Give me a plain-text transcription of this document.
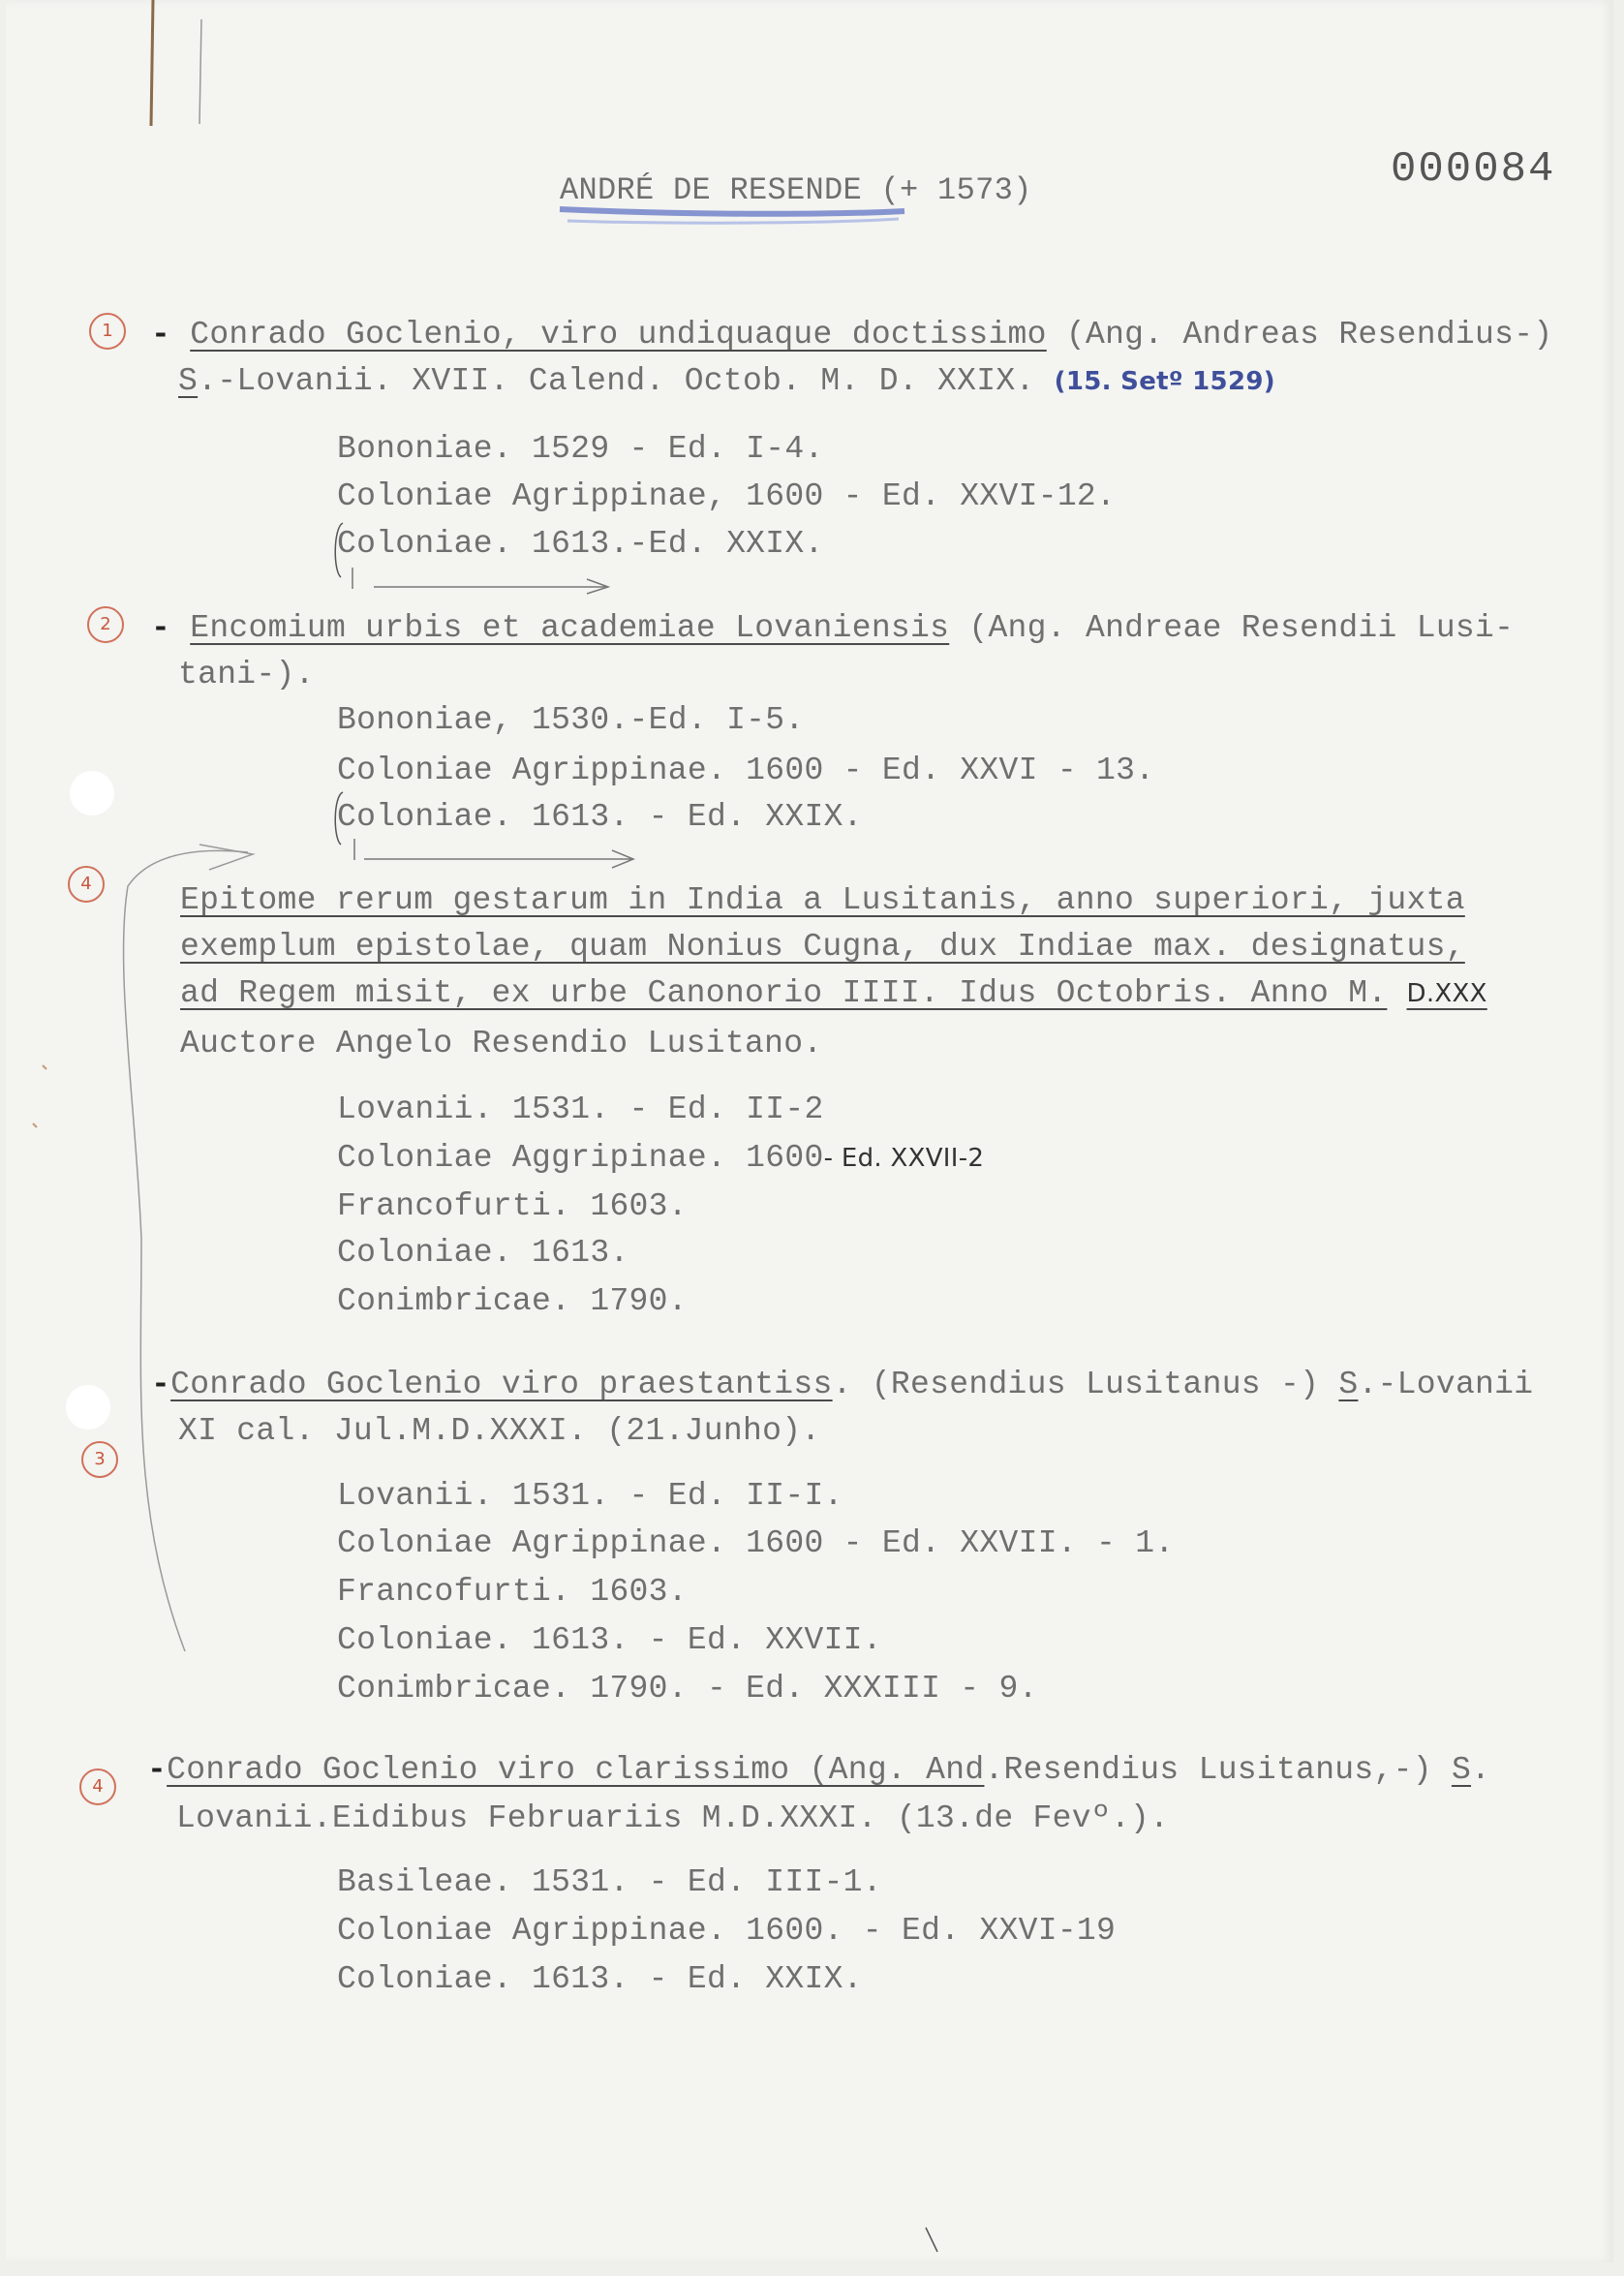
ANDRÉ DE RESENDE (+ 1573)	000084
1	- Conrado Goclenio, viro undiquaque doctissimo (Ang. Andreas Resendius-)
S.-Lovanii. XVII. Calend. Octob. M. D. XXIX. (15. Setº 1529)
Bononiae. 1529 - Ed. I-4.
Coloniae Agrippinae, 1600 - Ed. XXVI-12.
Coloniae. 1613.-Ed. XXIX.
2	- Encomium urbis et academiae Lovaniensis (Ang. Andreae Resendii Lusi-
tani-).
Bononiae, 1530.-Ed. I-5.
Coloniae Agrippinae. 1600 - Ed. XXVI - 13.
Coloniae. 1613. - Ed. XXIX.
4	Epitome rerum gestarum in India a Lusitanis, anno superiori, juxta
exemplum epistolae, quam Nonius Cugna, dux Indiae max. designatus,
ad Regem misit, ex urbe Canonorio IIII. Idus Octobris. Anno M. D.XXX
Auctore Angelo Resendio Lusitano.
Lovanii. 1531. - Ed. II-2
Coloniae Aggripinae. 1600- Ed. XXVII-2
Francofurti. 1603.
Coloniae. 1613.
Conimbricae. 1790.
-Conrado Goclenio viro praestantiss. (Resendius Lusitanus -) S.-Lovanii
XI cal. Jul.M.D.XXXI. (21.Junho).
3
Lovanii. 1531. - Ed. II-I.
Coloniae Agrippinae. 1600 - Ed. XXVII. - 1.
Francofurti. 1603.
Coloniae. 1613. - Ed. XXVII.
Conimbricae. 1790. - Ed. XXXIII - 9.
4	-Conrado Goclenio viro clarissimo (Ang. And.Resendius Lusitanus,-) S.
Lovanii.Eidibus Februariis M.D.XXXI. (13.de Fevº.).
Basileae. 1531. - Ed. III-1.
Coloniae Agrippinae. 1600. - Ed. XXVI-19
Coloniae. 1613. - Ed. XXIX.
